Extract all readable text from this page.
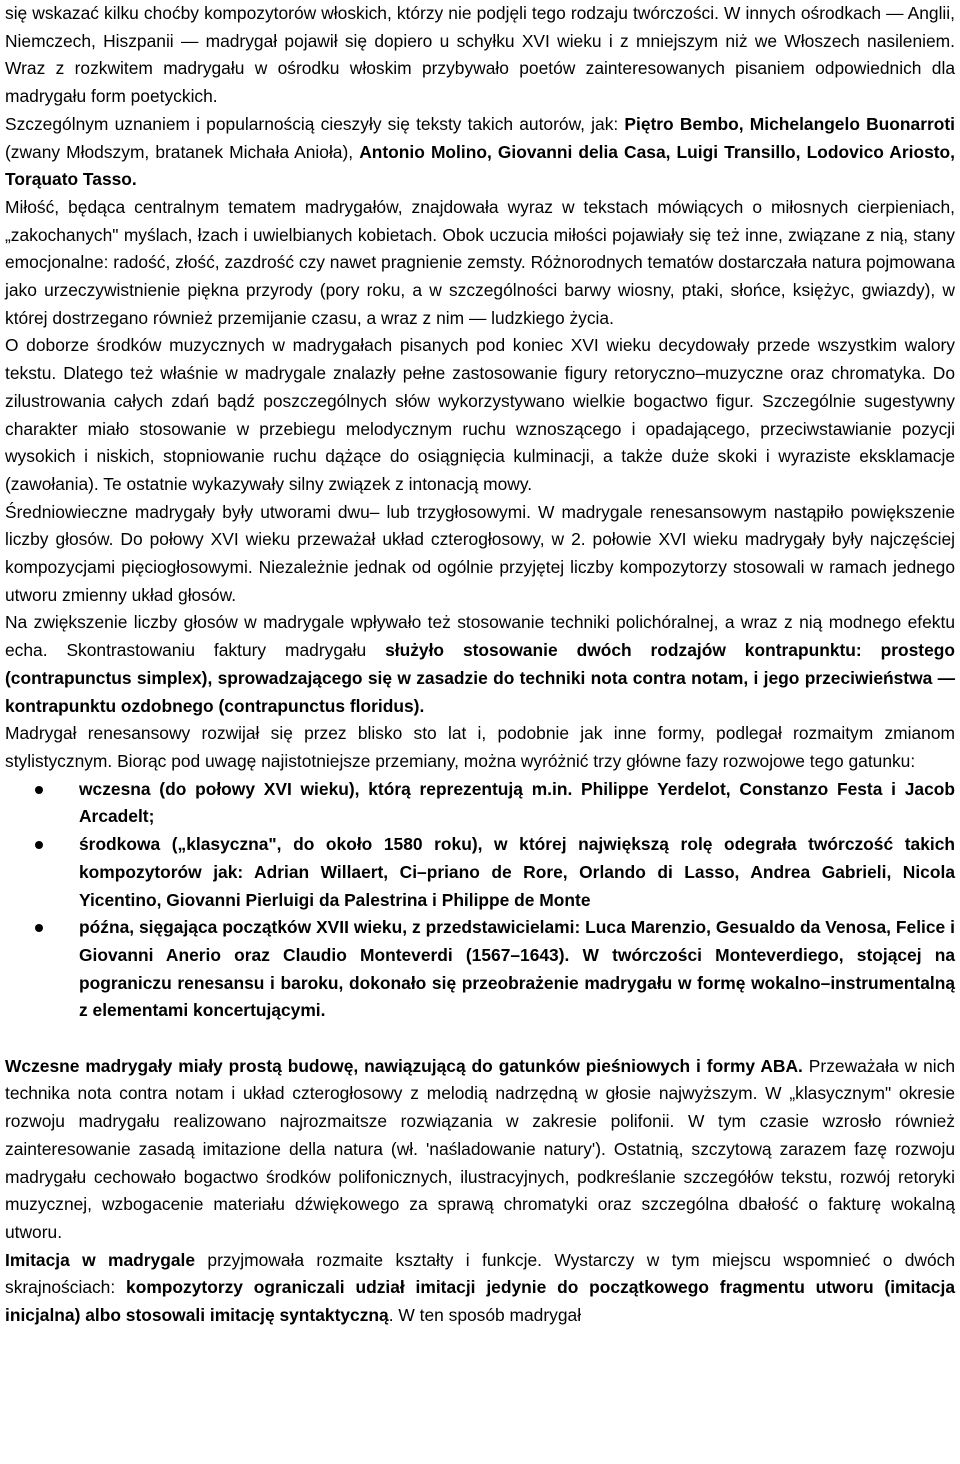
się wskazać kilku choćby kompozytorów włoskich, którzy nie podjęli tego rodzaju twórczości. W innych ośrodkach — Anglii, Niemczech, Hiszpanii — madrygał pojawił się dopiero u schyłku XVI wieku i z mniejszym niż we Włoszech nasileniem. Wraz z rozkwitem madrygału w ośrodku włoskim przybywało poetów zainteresowanych pisaniem odpowiednich dla madrygału form poetyckich.

Szczególnym uznaniem i popularnością cieszyły się teksty takich autorów, jak: Piętro Bembo, Michelangelo Buonarroti (zwany Młodszym, bratanek Michała Anioła), Antonio Molino, Giovanni delia Casa, Luigi Transillo, Lodovico Ariosto, Torąuato Tasso.

Miłość, będąca centralnym tematem madrygałów, znajdowała wyraz w tekstach mówiących o miłosnych cierpieniach, „zakochanych" myślach, łzach i uwielbianych kobietach. Obok uczucia miłości pojawiały się też inne, związane z nią, stany emocjonalne: radość, złość, zazdrość czy nawet pragnienie zemsty. Różnorodnych tematów dostarczała natura pojmowana jako urzeczywistnienie piękna przyrody (pory roku, a w szczególności barwy wiosny, ptaki, słońce, księżyc, gwiazdy), w której dostrzegano również przemijanie czasu, a wraz z nim — ludzkiego życia.

O doborze środków muzycznych w madrygałach pisanych pod koniec XVI wieku decydowały przede wszystkim walory tekstu. Dlatego też właśnie w madrygale znalazły pełne zastosowanie figury retoryczno–muzyczne oraz chromatyka. Do zilustrowania całych zdań bądź poszczególnych słów wykorzystywano wielkie bogactwo figur. Szczególnie sugestywny charakter miało stosowanie w przebiegu melodycznym ruchu wznoszącego i opadającego, przeciwstawianie pozycji wysokich i niskich, stopniowanie ruchu dążące do osiągnięcia kulminacji, a także duże skoki i wyraziste eksklamacje (zawołania). Te ostatnie wykazywały silny związek z intonacją mowy.

Średniowieczne madrygały były utworami dwu– lub trzygłosowymi. W madrygale renesansowym nastąpiło powiększenie liczby głosów. Do połowy XVI wieku przeważał układ czterogłosowy, w 2. połowie XVI wieku madrygały były najczęściej kompozycjami pięciogłosowymi. Niezależnie jednak od ogólnie przyjętej liczby kompozytorzy stosowali w ramach jednego utworu zmienny układ głosów.

Na zwiększenie liczby głosów w madrygale wpływało też stosowanie techniki polichóralnej, a wraz z nią modnego efektu echa. Skontrastowaniu faktury madrygału służyło stosowanie dwóch rodzajów kontrapunktu: prostego (contrapunctus simplex), sprowadzającego się w zasadzie do techniki nota contra notam, i jego przeciwieństwa — kontrapunktu ozdobnego (contrapunctus floridus).

Madrygał renesansowy rozwijał się przez blisko sto lat i, podobnie jak inne formy, podlegał rozmaitym zmianom stylistycznym. Biorąc pod uwagę najistotniejsze przemiany, można wyróżnić trzy główne fazy rozwojowe tego gatunku:

wczesna (do połowy XVI wieku), którą reprezentują m.in. Philippe Yerdelot, Constanzo Festa i Jacob Arcadelt;
środkowa („klasyczna", do około 1580 roku), w której największą rolę odegrała twórczość takich kompozytorów jak: Adrian Willaert, Ci–priano de Rore, Orlando di Lasso, Andrea Gabrieli, Nicola Yicentino, Giovanni Pierluigi da Palestrina i Philippe de Monte
późna, sięgająca początków XVII wieku, z przedstawicielami: Luca Marenzio, Gesualdo da Venosa, Felice i Giovanni Anerio oraz Claudio Monteverdi (1567–1643). W twórczości Monteverdiego, stojącej na pograniczu renesansu i baroku, dokonało się przeobrażenie madrygału w formę wokalno–instrumentalną z elementami koncertującymi.

Wczesne madrygały miały prostą budowę, nawiązującą do gatunków pieśniowych i formy ABA. Przeważała w nich technika nota contra notam i układ czterogłosowy z melodią nadrzędną w głosie najwyższym. W „klasycznym" okresie rozwoju madrygału realizowano najrozmaitsze rozwiązania w zakresie polifonii. W tym czasie wzrosło również zainteresowanie zasadą imitazione della natura (wł. 'naśladowanie natury'). Ostatnią, szczytową zarazem fazę rozwoju madrygału cechowało bogactwo środków polifonicznych, ilustracyjnych, podkreślanie szczegółów tekstu, rozwój retoryki muzycznej, wzbogacenie materiału dźwiękowego za sprawą chromatyki oraz szczególna dbałość o fakturę wokalną utworu.

Imitacja w madrygale przyjmowała rozmaite kształty i funkcje. Wystarczy w tym miejscu wspomnieć o dwóch skrajnościach: kompozytorzy ograniczali udział imitacji jedynie do początkowego fragmentu utworu (imitacja inicjalna) albo stosowali imitację syntaktyczną. W ten sposób madrygał
